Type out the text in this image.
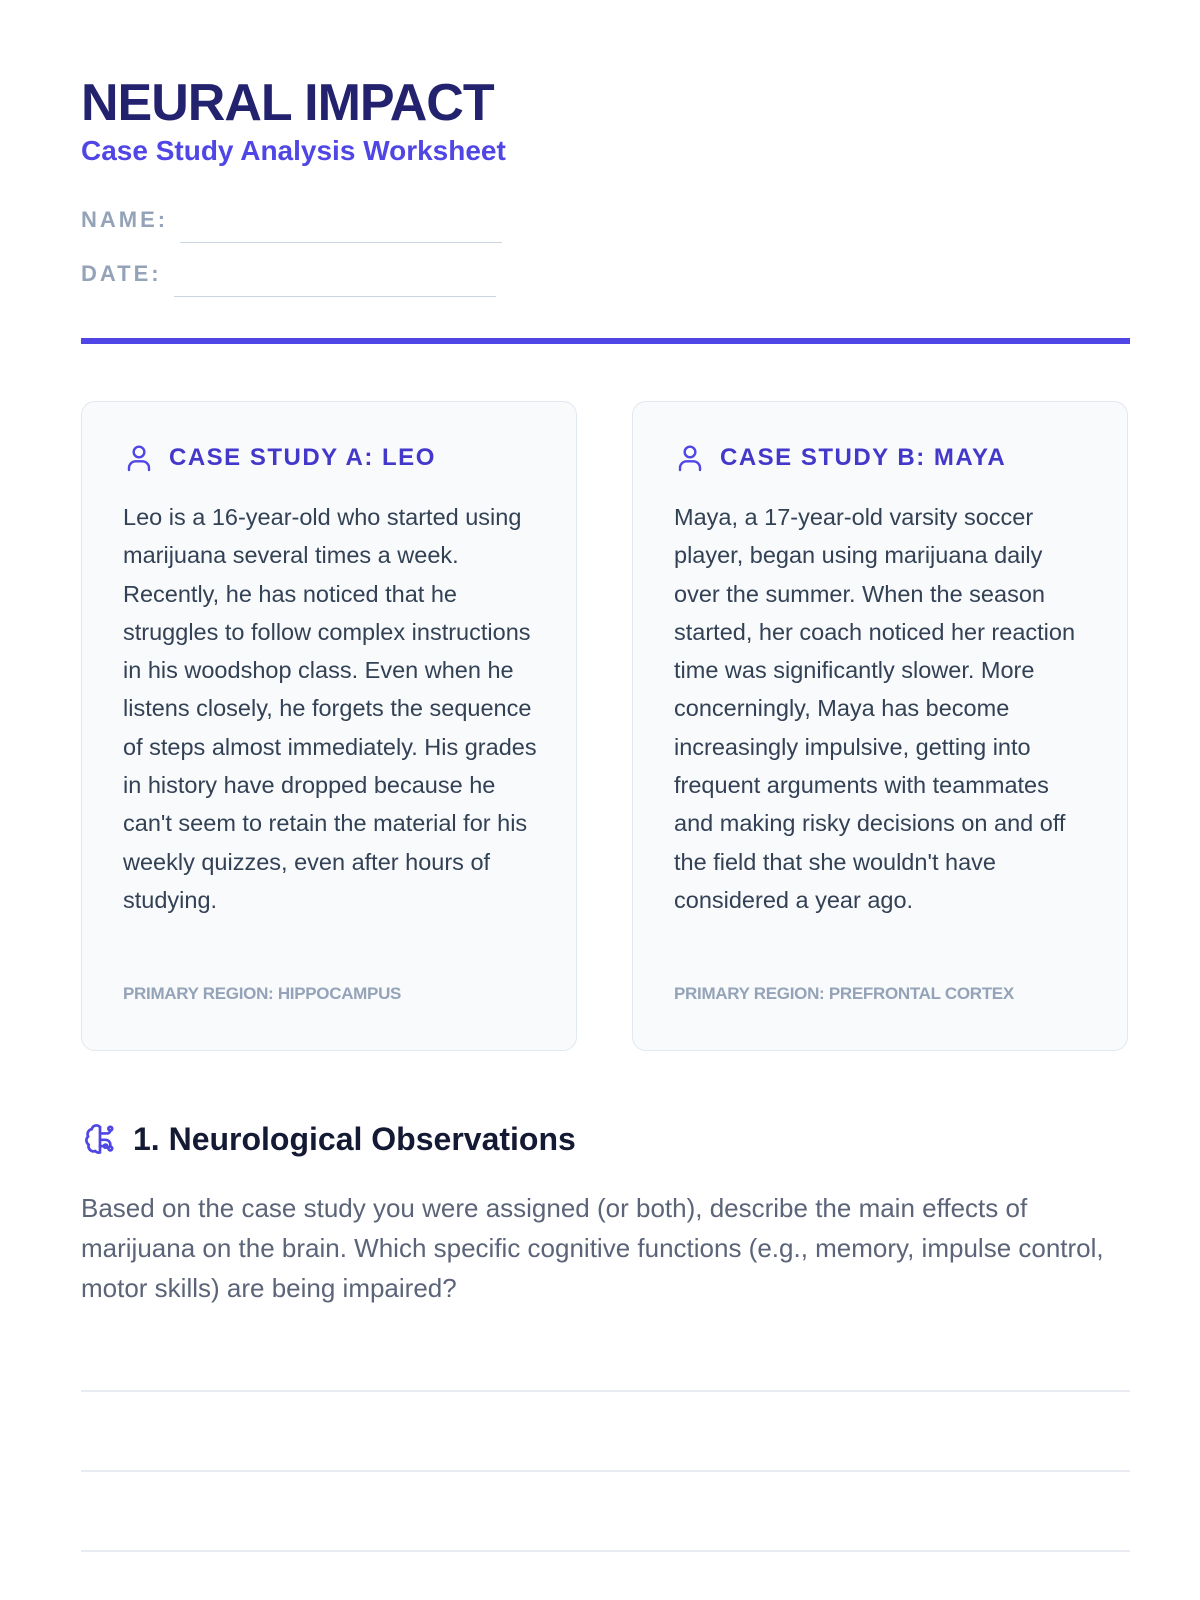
NEURAL IMPACT
Case Study Analysis Worksheet
NAME:
DATE:
CASE STUDY A: LEO

Leo is a 16-year-old who started using marijuana several times a week. Recently, he has noticed that he struggles to follow complex instructions in his woodshop class. Even when he listens closely, he forgets the sequence of steps almost immediately. His grades in history have dropped because he can't seem to retain the material for his weekly quizzes, even after hours of studying.

PRIMARY REGION: HIPPOCAMPUS
CASE STUDY B: MAYA

Maya, a 17-year-old varsity soccer player, began using marijuana daily over the summer. When the season started, her coach noticed her reaction time was significantly slower. More concerningly, Maya has become increasingly impulsive, getting into frequent arguments with teammates and making risky decisions on and off the field that she wouldn't have considered a year ago.

PRIMARY REGION: PREFRONTAL CORTEX
1. Neurological Observations

Based on the case study you were assigned (or both), describe the main effects of marijuana on the brain. Which specific cognitive functions (e.g., memory, impulse control, motor skills) are being impaired?
